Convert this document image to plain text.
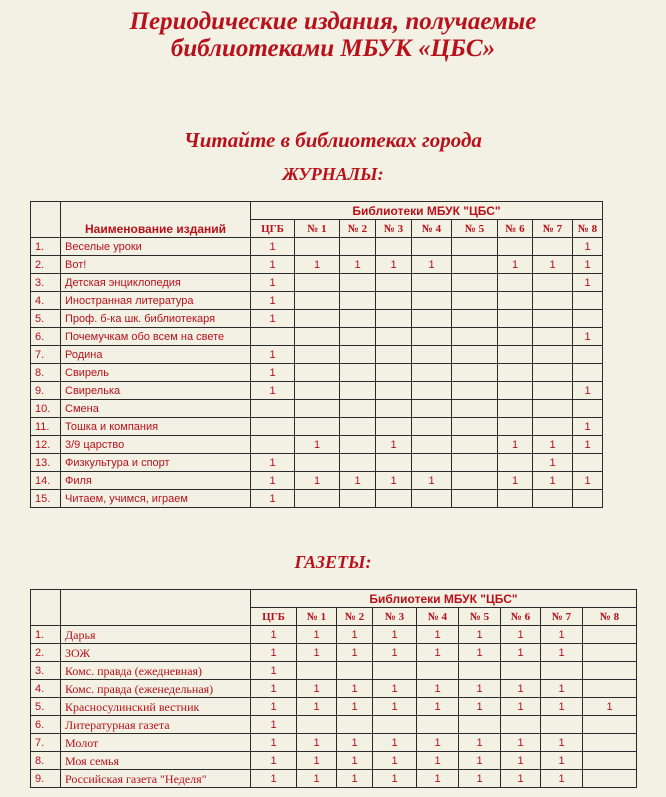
Периодические издания, получаемые
библиотеками МБУК «ЦБС»
Читайте в библиотеках города
ЖУРНАЛЫ:
	Наименование изданий	Библиотеки МБУК "ЦБС"								
		ЦГБ	№ 1	№ 2	№ 3	№ 4	№ 5	№ 6	№ 7	№ 8
1.	Веселые уроки	1								1
2.	Вот!	1	1	1	1	1		1	1	1
3.	Детская энциклопедия	1								1
4.	Иностранная литература	1								
5.	Проф. б-ка шк. библиотекаря	1								
6.	Почемучкам обо всем на свете									1
7.	Родина	1								
8.	Свирель	1								
9.	Свирелька	1								1
10.	Смена									
11.	Тошка и компания									1
12.	3/9 царство		1		1			1	1	1
13.	Физкультура и спорт	1							1	
14.	Филя	1	1	1	1	1		1	1	1
15.	Читаем, учимся, играем	1								
ГАЗЕТЫ:
		Библиотеки МБУК "ЦБС"								
		ЦГБ	№ 1	№ 2	№ 3	№ 4	№ 5	№ 6	№ 7	№ 8
1.	Дарья	1	1	1	1	1	1	1	1	
2.	ЗОЖ	1	1	1	1	1	1	1	1	
3.	Комс. правда (ежедневная)	1								
4.	Комс. правда (еженедельная)	1	1	1	1	1	1	1	1	
5.	Красносулинский вестник	1	1	1	1	1	1	1	1	1
6.	Литературная газета	1								
7.	Молот	1	1	1	1	1	1	1	1	
8.	Моя семья	1	1	1	1	1	1	1	1	
9.	Российская газета "Неделя"	1	1	1	1	1	1	1	1	
